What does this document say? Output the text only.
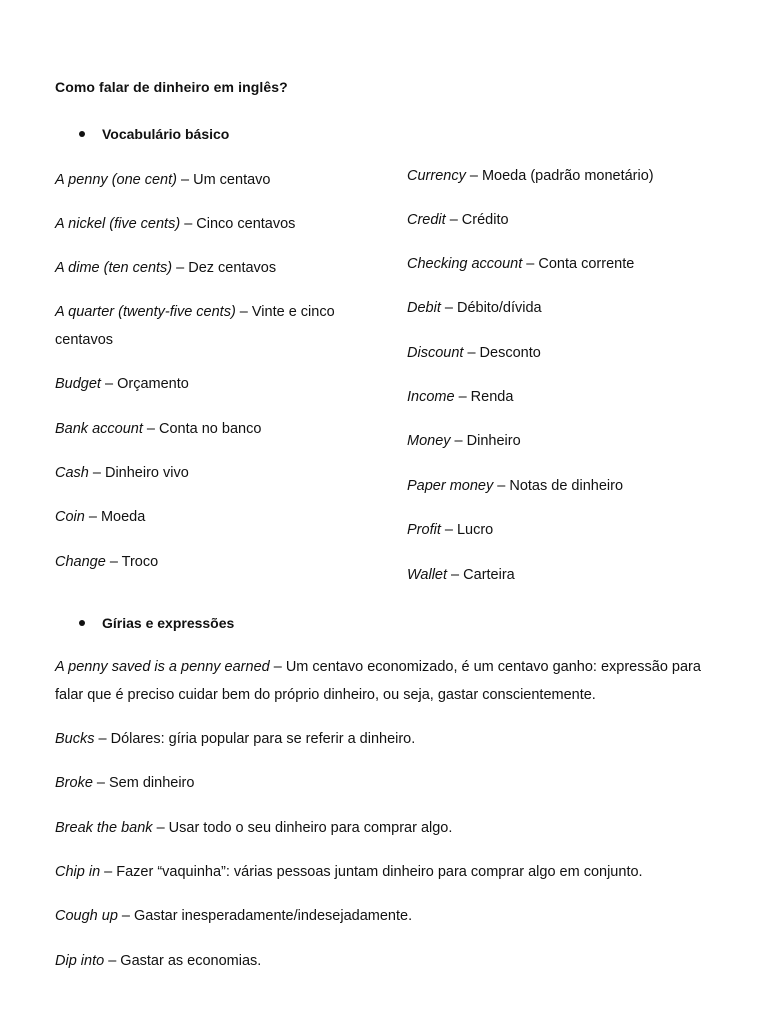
Como falar de dinheiro em inglês?
Vocabulário básico
A penny (one cent) – Um centavo
A nickel (five cents) – Cinco centavos
A dime (ten cents) – Dez centavos
A quarter (twenty-five cents) – Vinte e cinco centavos
Budget – Orçamento
Bank account – Conta no banco
Cash – Dinheiro vivo
Coin – Moeda
Change – Troco
Currency – Moeda (padrão monetário)
Credit – Crédito
Checking account – Conta corrente
Debit – Débito/dívida
Discount – Desconto
Income – Renda
Money – Dinheiro
Paper money – Notas de dinheiro
Profit – Lucro
Wallet – Carteira
Gírias e expressões
A penny saved is a penny earned – Um centavo economizado, é um centavo ganho: expressão para falar que é preciso cuidar bem do próprio dinheiro, ou seja, gastar conscientemente.
Bucks – Dólares: gíria popular para se referir a dinheiro.
Broke – Sem dinheiro
Break the bank – Usar todo o seu dinheiro para comprar algo.
Chip in – Fazer “vaquinha”: várias pessoas juntam dinheiro para comprar algo em conjunto.
Cough up – Gastar inesperadamente/indesejadamente.
Dip into – Gastar as economias.
